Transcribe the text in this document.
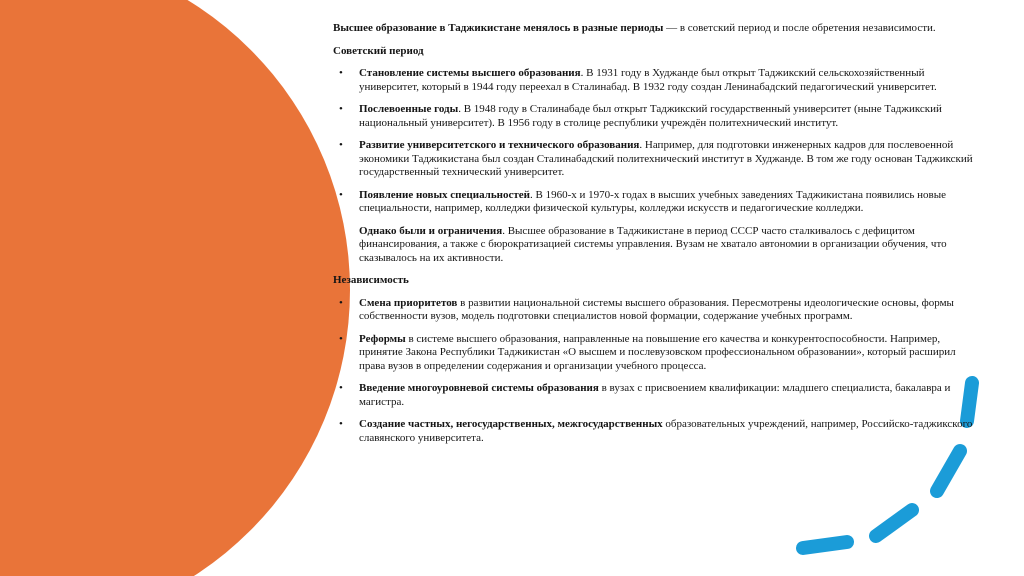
Высшее образование в Таджикистане менялось в разные периоды — в советский период и после обретения независимости.

Советский период
• Становление системы высшего образования. В 1931 году в Худжанде был открыт Таджикский сельскохозяйственный университет, который в 1944 году переехал в Сталинабад. В 1932 году создан Ленинабадский педагогический университет.

• Послевоенные годы. В 1948 году в Сталинабаде был открыт Таджикский государственный университет (ныне Таджикский национальный университет). В 1956 году в столице республики учреждён политехнический институт.

• Развитие университетского и технического образования. Например, для подготовки инженерных кадров для послевоенной экономики Таджикистана был создан Сталинабадский политехнический институт в Худжанде. В том же году основан Таджикский государственный технический университет.

• Появление новых специальностей. В 1960-х и 1970-х годах в высших учебных заведениях Таджикистана появились новые специальности, например, колледжи физической культуры, колледжи искусств и педагогические колледжи.

Однако были и ограничения. Высшее образование в Таджикистане в период СССР часто сталкивалось с дефицитом финансирования, а также с бюрократизацией системы управления. Вузам не хватало автономии в организации обучения, что сказывалось на их активности.

Независимость
• Смена приоритетов в развитии национальной системы высшего образования. Пересмотрены идеологические основы, формы собственности вузов, модель подготовки специалистов новой формации, содержание учебных программ.

• Реформы в системе высшего образования, направленные на повышение его качества и конкурентоспособности. Например, принятие Закона Республики Таджикистан «О высшем и послевузовском профессиональном образовании», который расширил права вузов в определении содержания и организации учебного процесса.

• Введение многоуровневой системы образования в вузах с присвоением квалификации: младшего специалиста, бакалавра и магистра.

• Создание частных, негосударственных, межгосударственных образовательных учреждений, например, Российско-таджикского славянского университета.
